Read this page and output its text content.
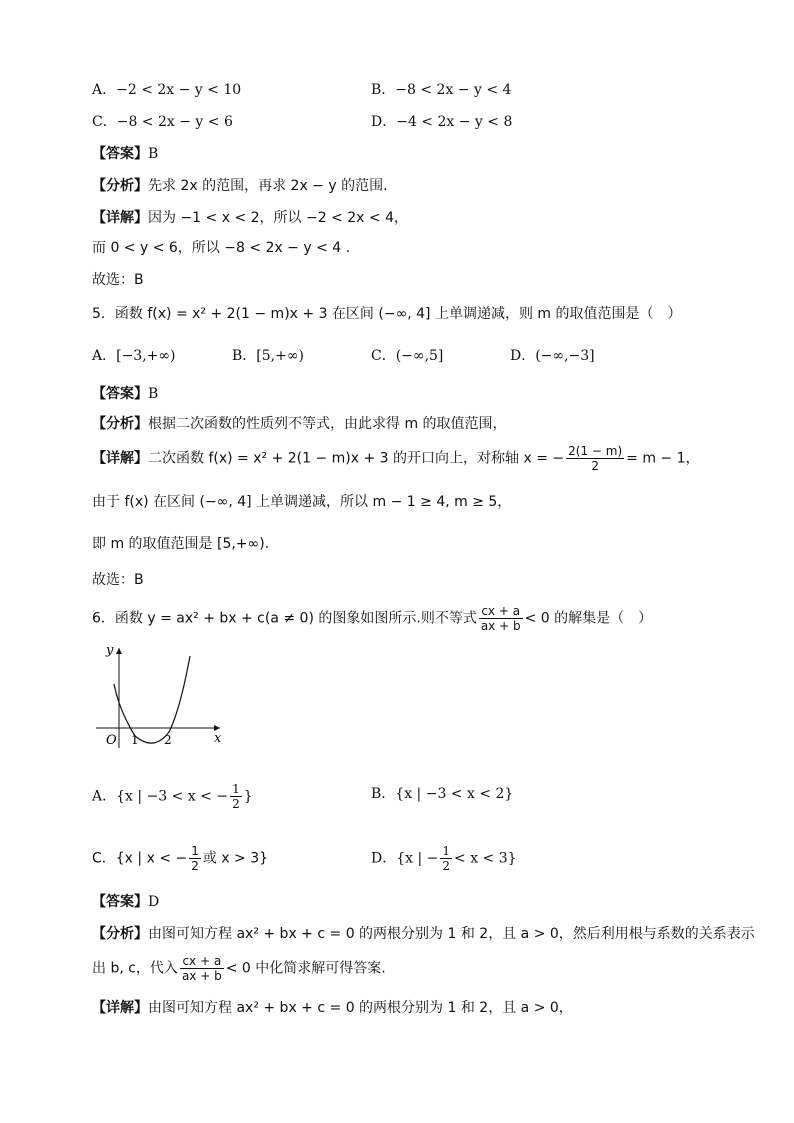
A．−2 < 2x − y < 10	B．−8 < 2x − y < 4
C．−8 < 2x − y < 6	D．−4 < 2x − y < 8
【答案】B
【分析】先求 2x 的范围，再求 2x − y 的范围.
【详解】因为 −1 < x < 2，所以 −2 < 2x < 4，
而 0 < y < 6，所以 −8 < 2x − y < 4 .
故选：B
5．函数 f(x) = x² + 2(1 − m)x + 3 在区间 (−∞, 4] 上单调递减，则 m 的取值范围是（　）
A．[−3,+∞)	B．[5,+∞)	C．(−∞,5]	D．(−∞,−3]
【答案】B
【分析】根据二次函数的性质列不等式，由此求得 m 的取值范围，
【详解】二次函数 f(x) = x² + 2(1 − m)x + 3 的开口向上，对称轴 x = − $\frac{2(1 - m)}{2} = m - 1$，
由于 f(x) 在区间 (−∞, 4] 上单调递减，所以 m − 1 ≥ 4, m ≥ 5，
即 m 的取值范围是 [5,+∞).
故选：B
6．函数 y = ax² + bx + c(a ≠ 0) 的图象如图所示.则不等式 $\frac{cx + a}{ax + b} < 0$ 的解集是（　）
y
x
O 1 2
A．{x | −3 < x < − $\frac{1}{2}$ }	B．{x | −3 < x < 2}
C．{x | x < − $\frac{1}{2}$ 或 x > 3}	D．{x | − $\frac{1}{2} < x < 3$}
【答案】D
【分析】由图可知方程 ax² + bx + c = 0 的两根分别为 1 和 2，且 a > 0，然后利用根与系数的关系表示
出 b, c，代入 $\frac{cx + a}{ax + b} < 0$ 中化简求解可得答案.
【详解】由图可知方程 ax² + bx + c = 0 的两根分别为 1 和 2，且 a > 0，
